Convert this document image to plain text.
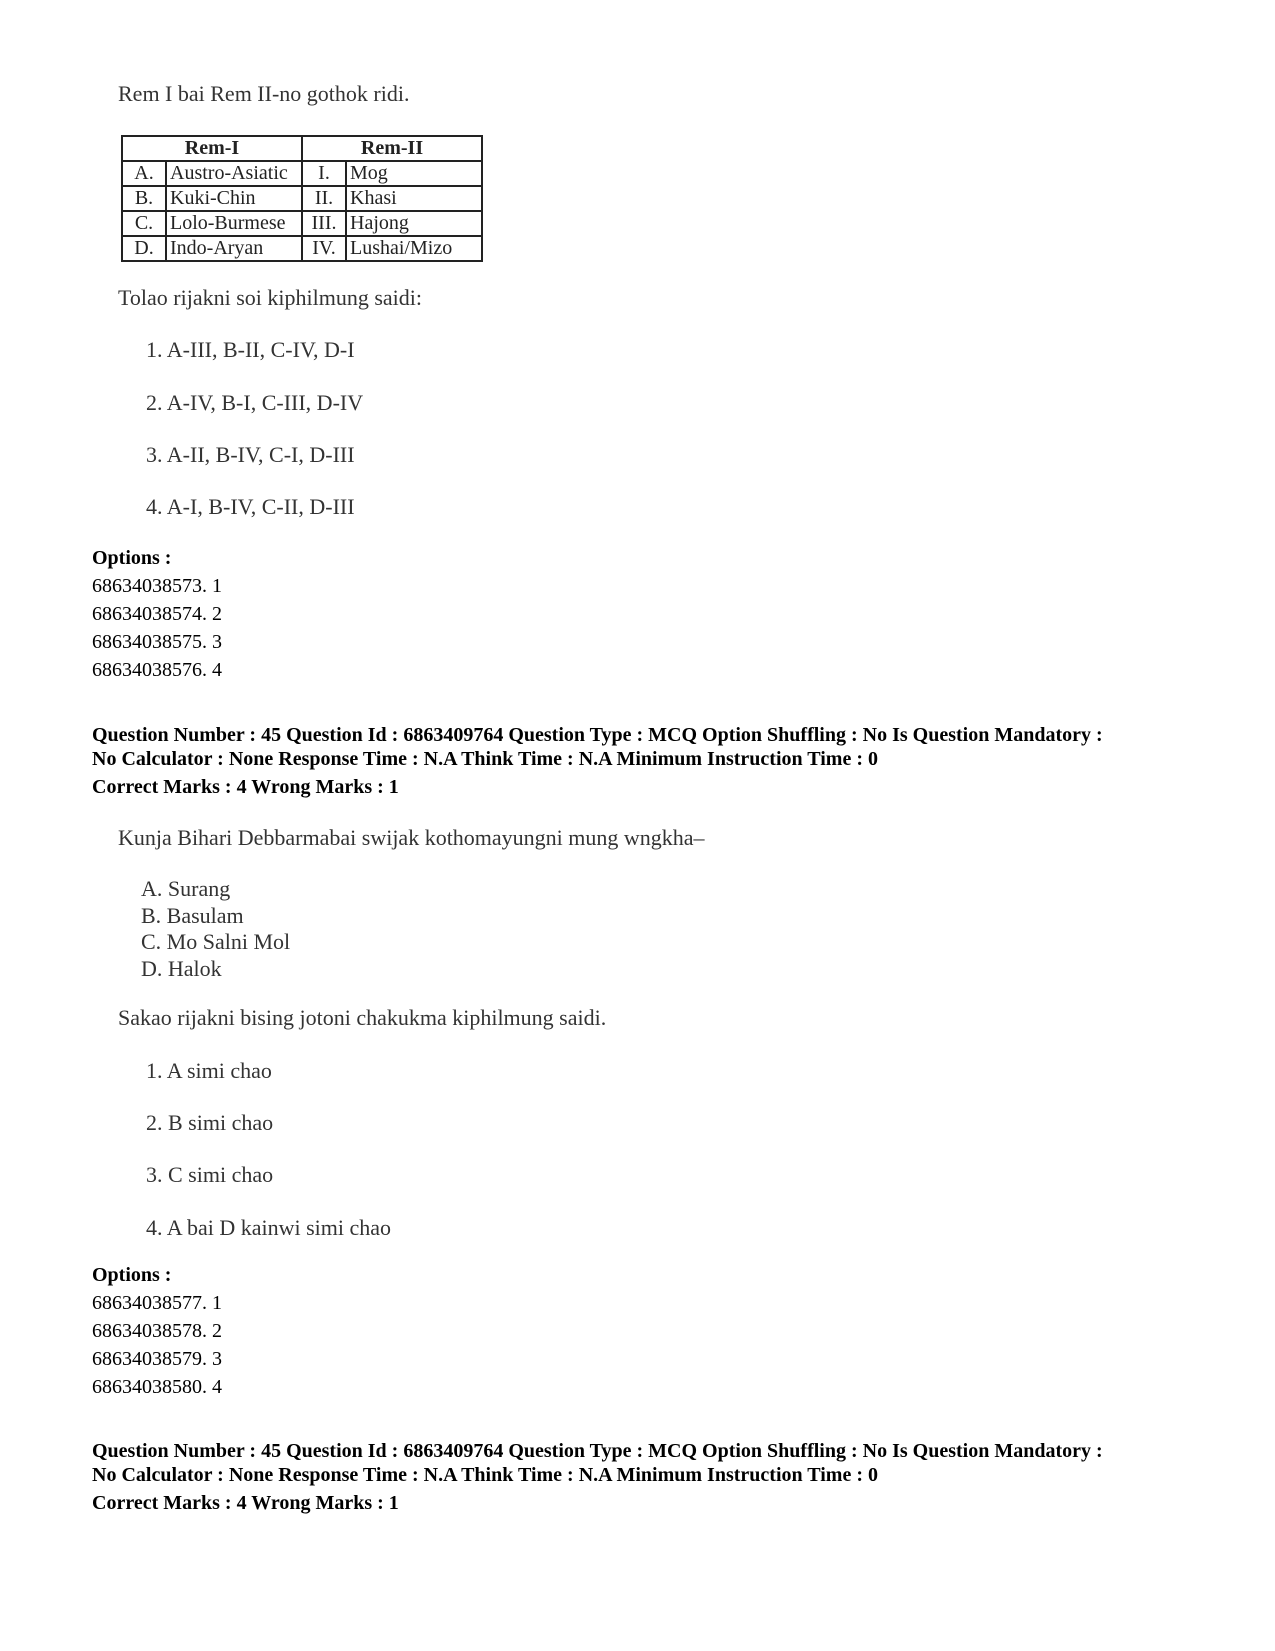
Rem I bai Rem II-no gothok ridi.
Rem-I		Rem-II	
A.	Austro-Asiatic	I.	Mog
B.	Kuki-Chin	II.	Khasi
C.	Lolo-Burmese	III.	Hajong
D.	Indo-Aryan	IV.	Lushai/Mizo
Tolao rijakni soi kiphilmung saidi:
1. A-III, B-II, C-IV, D-I
2. A-IV, B-I, C-III, D-IV
3. A-II, B-IV, C-I, D-III
4. A-I, B-IV, C-II, D-III
Options :
68634038573. 1
68634038574. 2
68634038575. 3
68634038576. 4
Question Number : 45 Question Id : 6863409764 Question Type : MCQ Option Shuffling : No Is Question Mandatory :
No Calculator : None Response Time : N.A Think Time : N.A Minimum Instruction Time : 0
Correct Marks : 4 Wrong Marks : 1
Kunja Bihari Debbarmabai swijak kothomayungni mung wngkha–
A. Surang
B. Basulam
C. Mo Salni Mol
D. Halok
Sakao rijakni bising jotoni chakukma kiphilmung saidi.
1. A simi chao
2. B simi chao
3. C simi chao
4. A bai D kainwi simi chao
Options :
68634038577. 1
68634038578. 2
68634038579. 3
68634038580. 4
Question Number : 45 Question Id : 6863409764 Question Type : MCQ Option Shuffling : No Is Question Mandatory :
No Calculator : None Response Time : N.A Think Time : N.A Minimum Instruction Time : 0
Correct Marks : 4 Wrong Marks : 1
